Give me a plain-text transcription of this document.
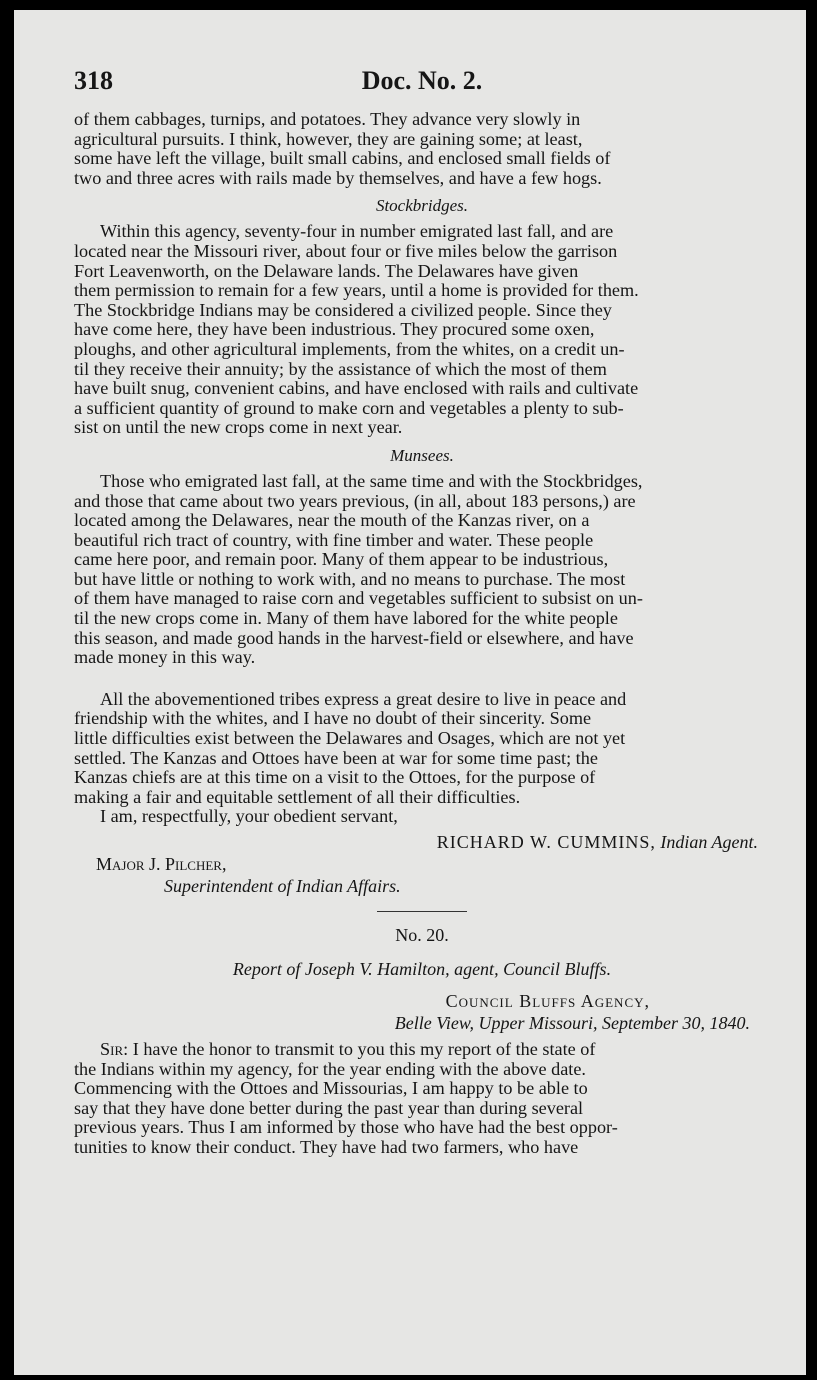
318	Doc. No. 2.

of them cabbages, turnips, and potatoes. They advance very slowly in

agricultural pursuits. I think, however, they are gaining some; at least,

some have left the village, built small cabins, and enclosed small fields of

two and three acres with rails made by themselves, and have a few hogs.

Stockbridges.

Within this agency, seventy-four in number emigrated last fall, and are

located near the Missouri river, about four or five miles below the garrison

Fort Leavenworth, on the Delaware lands. The Delawares have given

them permission to remain for a few years, until a home is provided for them.

The Stockbridge Indians may be considered a civilized people. Since they

have come here, they have been industrious. They procured some oxen,

ploughs, and other agricultural implements, from the whites, on a credit un-

til they receive their annuity; by the assistance of which the most of them

have built snug, convenient cabins, and have enclosed with rails and cultivate

a sufficient quantity of ground to make corn and vegetables a plenty to sub-

sist on until the new crops come in next year.

Munsees.

Those who emigrated last fall, at the same time and with the Stockbridges,

and those that came about two years previous, (in all, about 183 persons,) are

located among the Delawares, near the mouth of the Kanzas river, on a

beautiful rich tract of country, with fine timber and water. These people

came here poor, and remain poor. Many of them appear to be industrious,

but have little or nothing to work with, and no means to purchase. The most

of them have managed to raise corn and vegetables sufficient to subsist on un-

til the new crops come in. Many of them have labored for the white people

this season, and made good hands in the harvest-field or elsewhere, and have

made money in this way.

All the abovementioned tribes express a great desire to live in peace and

friendship with the whites, and I have no doubt of their sincerity. Some

little difficulties exist between the Delawares and Osages, which are not yet

settled. The Kanzas and Ottoes have been at war for some time past; the

Kanzas chiefs are at this time on a visit to the Ottoes, for the purpose of

making a fair and equitable settlement of all their difficulties.

I am, respectfully, your obedient servant,

RICHARD W. CUMMINS, Indian Agent.
Major J. Pilcher,
Superintendent of Indian Affairs.
No. 20.
Report of Joseph V. Hamilton, agent, Council Bluffs.
Council Bluffs Agency,
Belle View, Upper Missouri, September 30, 1840.

Sir: I have the honor to transmit to you this my report of the state of

the Indians within my agency, for the year ending with the above date.

Commencing with the Ottoes and Missourias, I am happy to be able to

say that they have done better during the past year than during several

previous years. Thus I am informed by those who have had the best oppor-

tunities to know their conduct. They have had two farmers, who have
